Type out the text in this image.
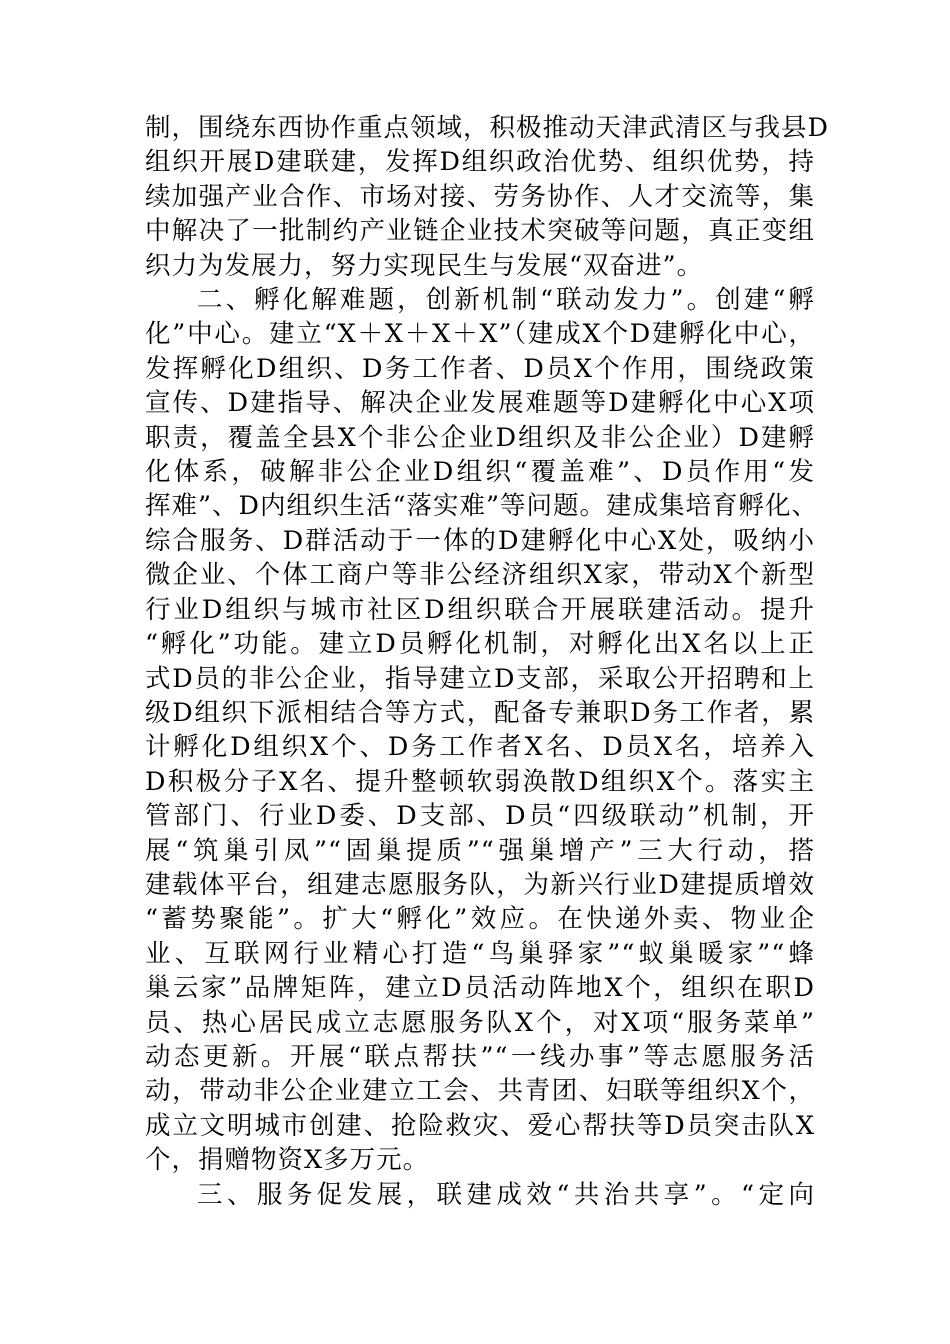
制，围绕东西协作重点领域，积极推动天津武清区与我县D
组织开展D建联建，发挥D组织政治优势、组织优势，持
续加强产业合作、市场对接、劳务协作、人才交流等，集
中解决了一批制约产业链企业技术突破等问题，真正变组
织力为发展力，努力实现民生与发展“双奋进”。
二、孵化解难题，创新机制“联动发力”。创建“孵
化”中心。建立“X＋X＋X＋X”（建成X个D建孵化中心，
发挥孵化D组织、D务工作者、D员X个作用，围绕政策
宣传、D建指导、解决企业发展难题等D建孵化中心X项
职责，覆盖全县X个非公企业D组织及非公企业）D建孵
化体系，破解非公企业D组织“覆盖难”、D员作用“发
挥难”、D内组织生活“落实难”等问题。建成集培育孵化、
综合服务、D群活动于一体的D建孵化中心X处，吸纳小
微企业、个体工商户等非公经济组织X家，带动X个新型
行业D组织与城市社区D组织联合开展联建活动。提升
“孵化”功能。建立D员孵化机制，对孵化出X名以上正
式D员的非公企业，指导建立D支部，采取公开招聘和上
级D组织下派相结合等方式，配备专兼职D务工作者，累
计孵化D组织X个、D务工作者X名、D员X名，培养入
D积极分子X名、提升整顿软弱涣散D组织X个。落实主
管部门、行业D委、D支部、D员“四级联动”机制，开
展“筑巢引凤”“固巢提质”“强巢增产”三大行动，搭
建载体平台，组建志愿服务队，为新兴行业D建提质增效
“蓄势聚能”。扩大“孵化”效应。在快递外卖、物业企
业、互联网行业精心打造“鸟巢驿家”“蚁巢暖家”“蜂
巢云家”品牌矩阵，建立D员活动阵地X个，组织在职D
员、热心居民成立志愿服务队X个，对X项“服务菜单”
动态更新。开展“联点帮扶”“一线办事”等志愿服务活
动，带动非公企业建立工会、共青团、妇联等组织X个，
成立文明城市创建、抢险救灾、爱心帮扶等D员突击队X
个，捐赠物资X多万元。
三、服务促发展，联建成效“共治共享”。“定向
